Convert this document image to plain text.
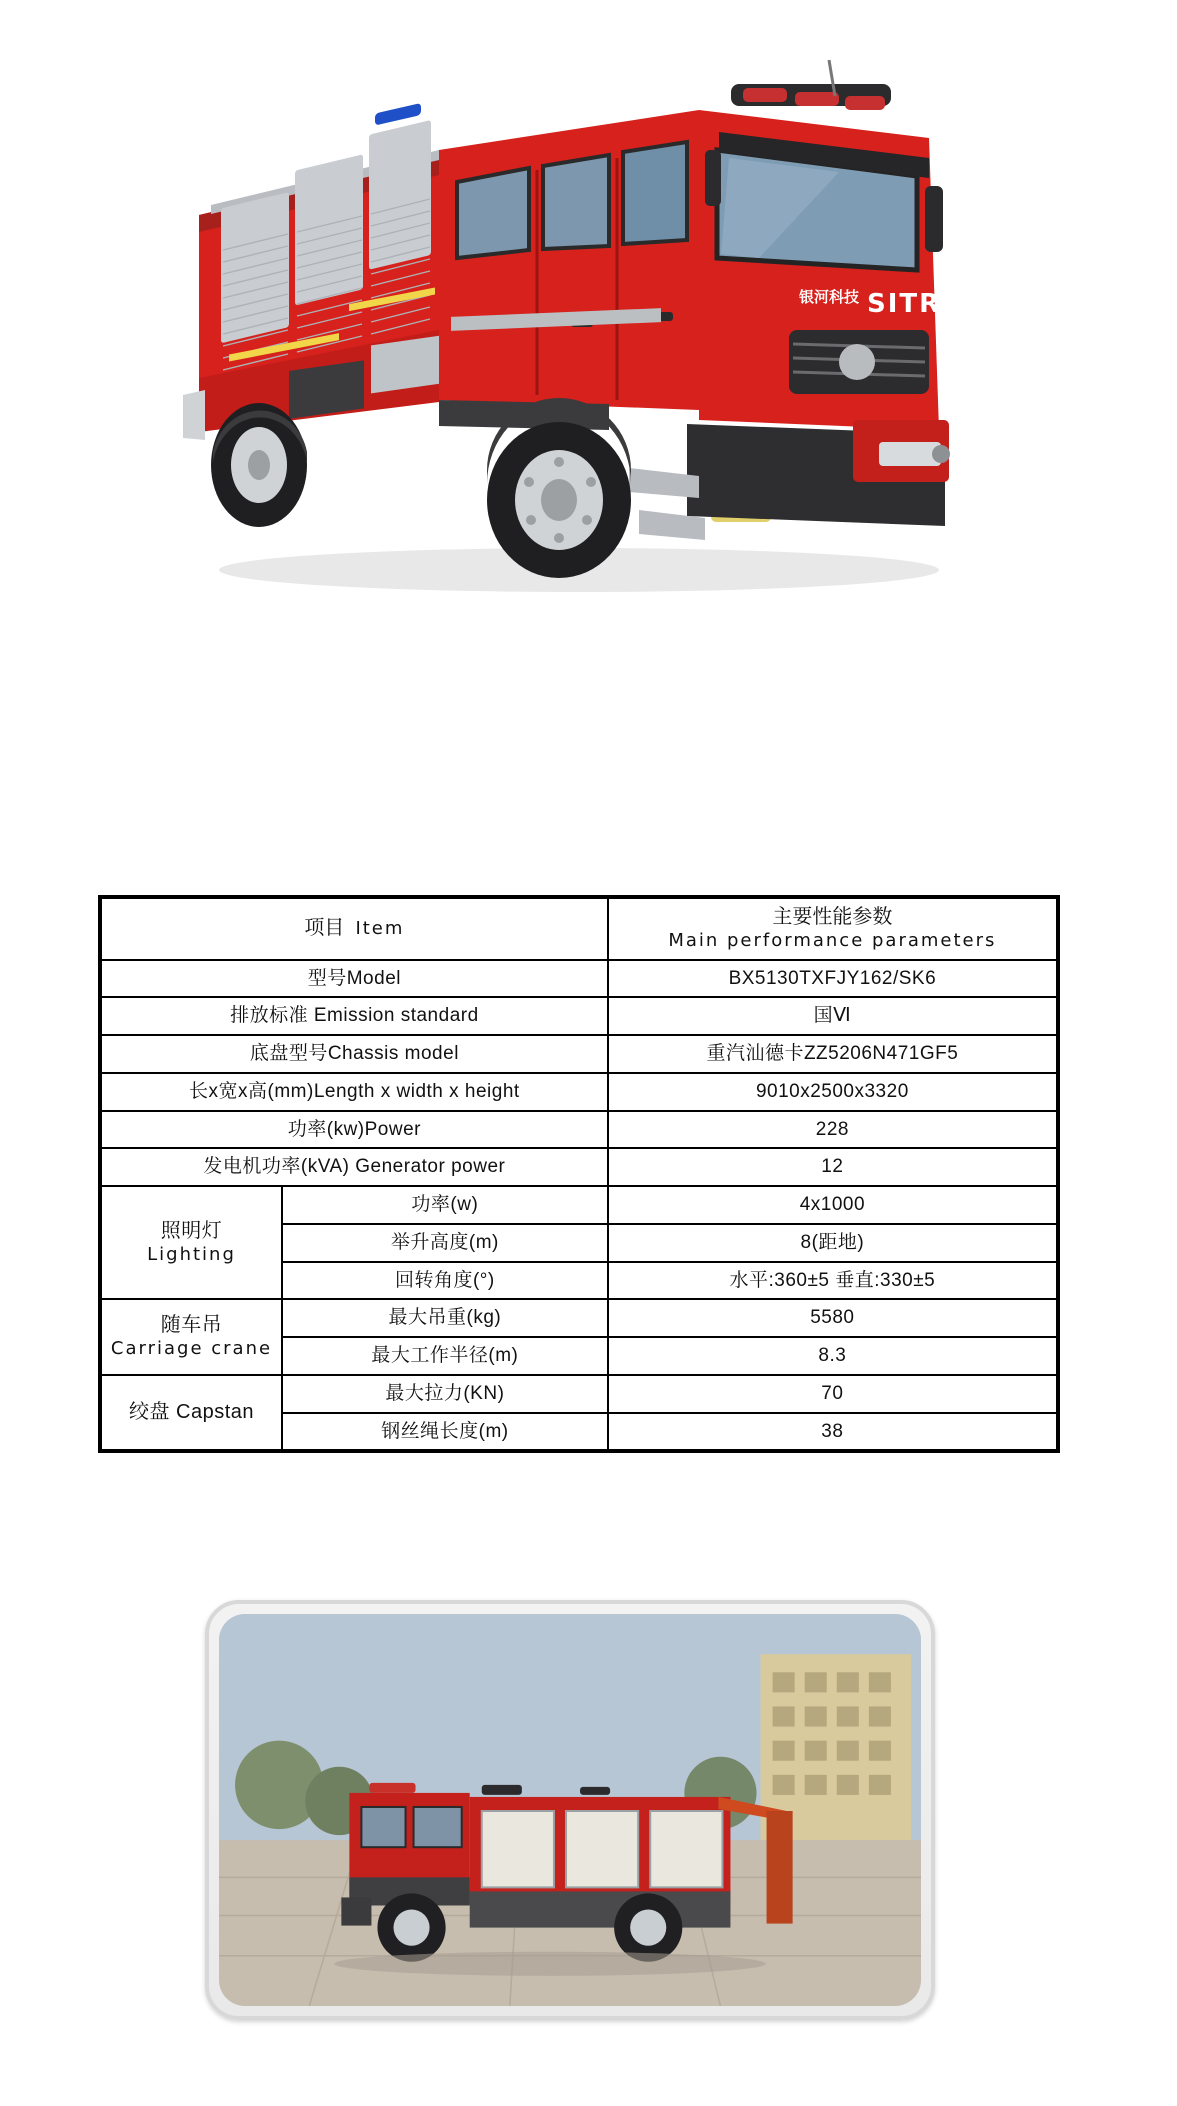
银河科技 SITRAK
项目 Item		主要性能参数
Main performance parameters

型号Model		BX5130TXFJY162/SK6
排放标准 Emission standard		国Ⅵ
底盘型号Chassis model		重汽汕德卡ZZ5206N471GF5
长x宽x高(mm)Length x width x height		9010x2500x3320
功率(kw)Power		228
发电机功率(kVA) Generator power		12

照明灯
Lighting	功率(w)	4x1000
	举升高度(m)	8(距地)
	回转角度(°)	水平:360±5 垂直:330±5

随车吊
Carriage crane	最大吊重(kg)	5580
	最大工作半径(m)	8.3

绞盘 Capstan	最大拉力(KN)	70
	钢丝绳长度(m)	38
